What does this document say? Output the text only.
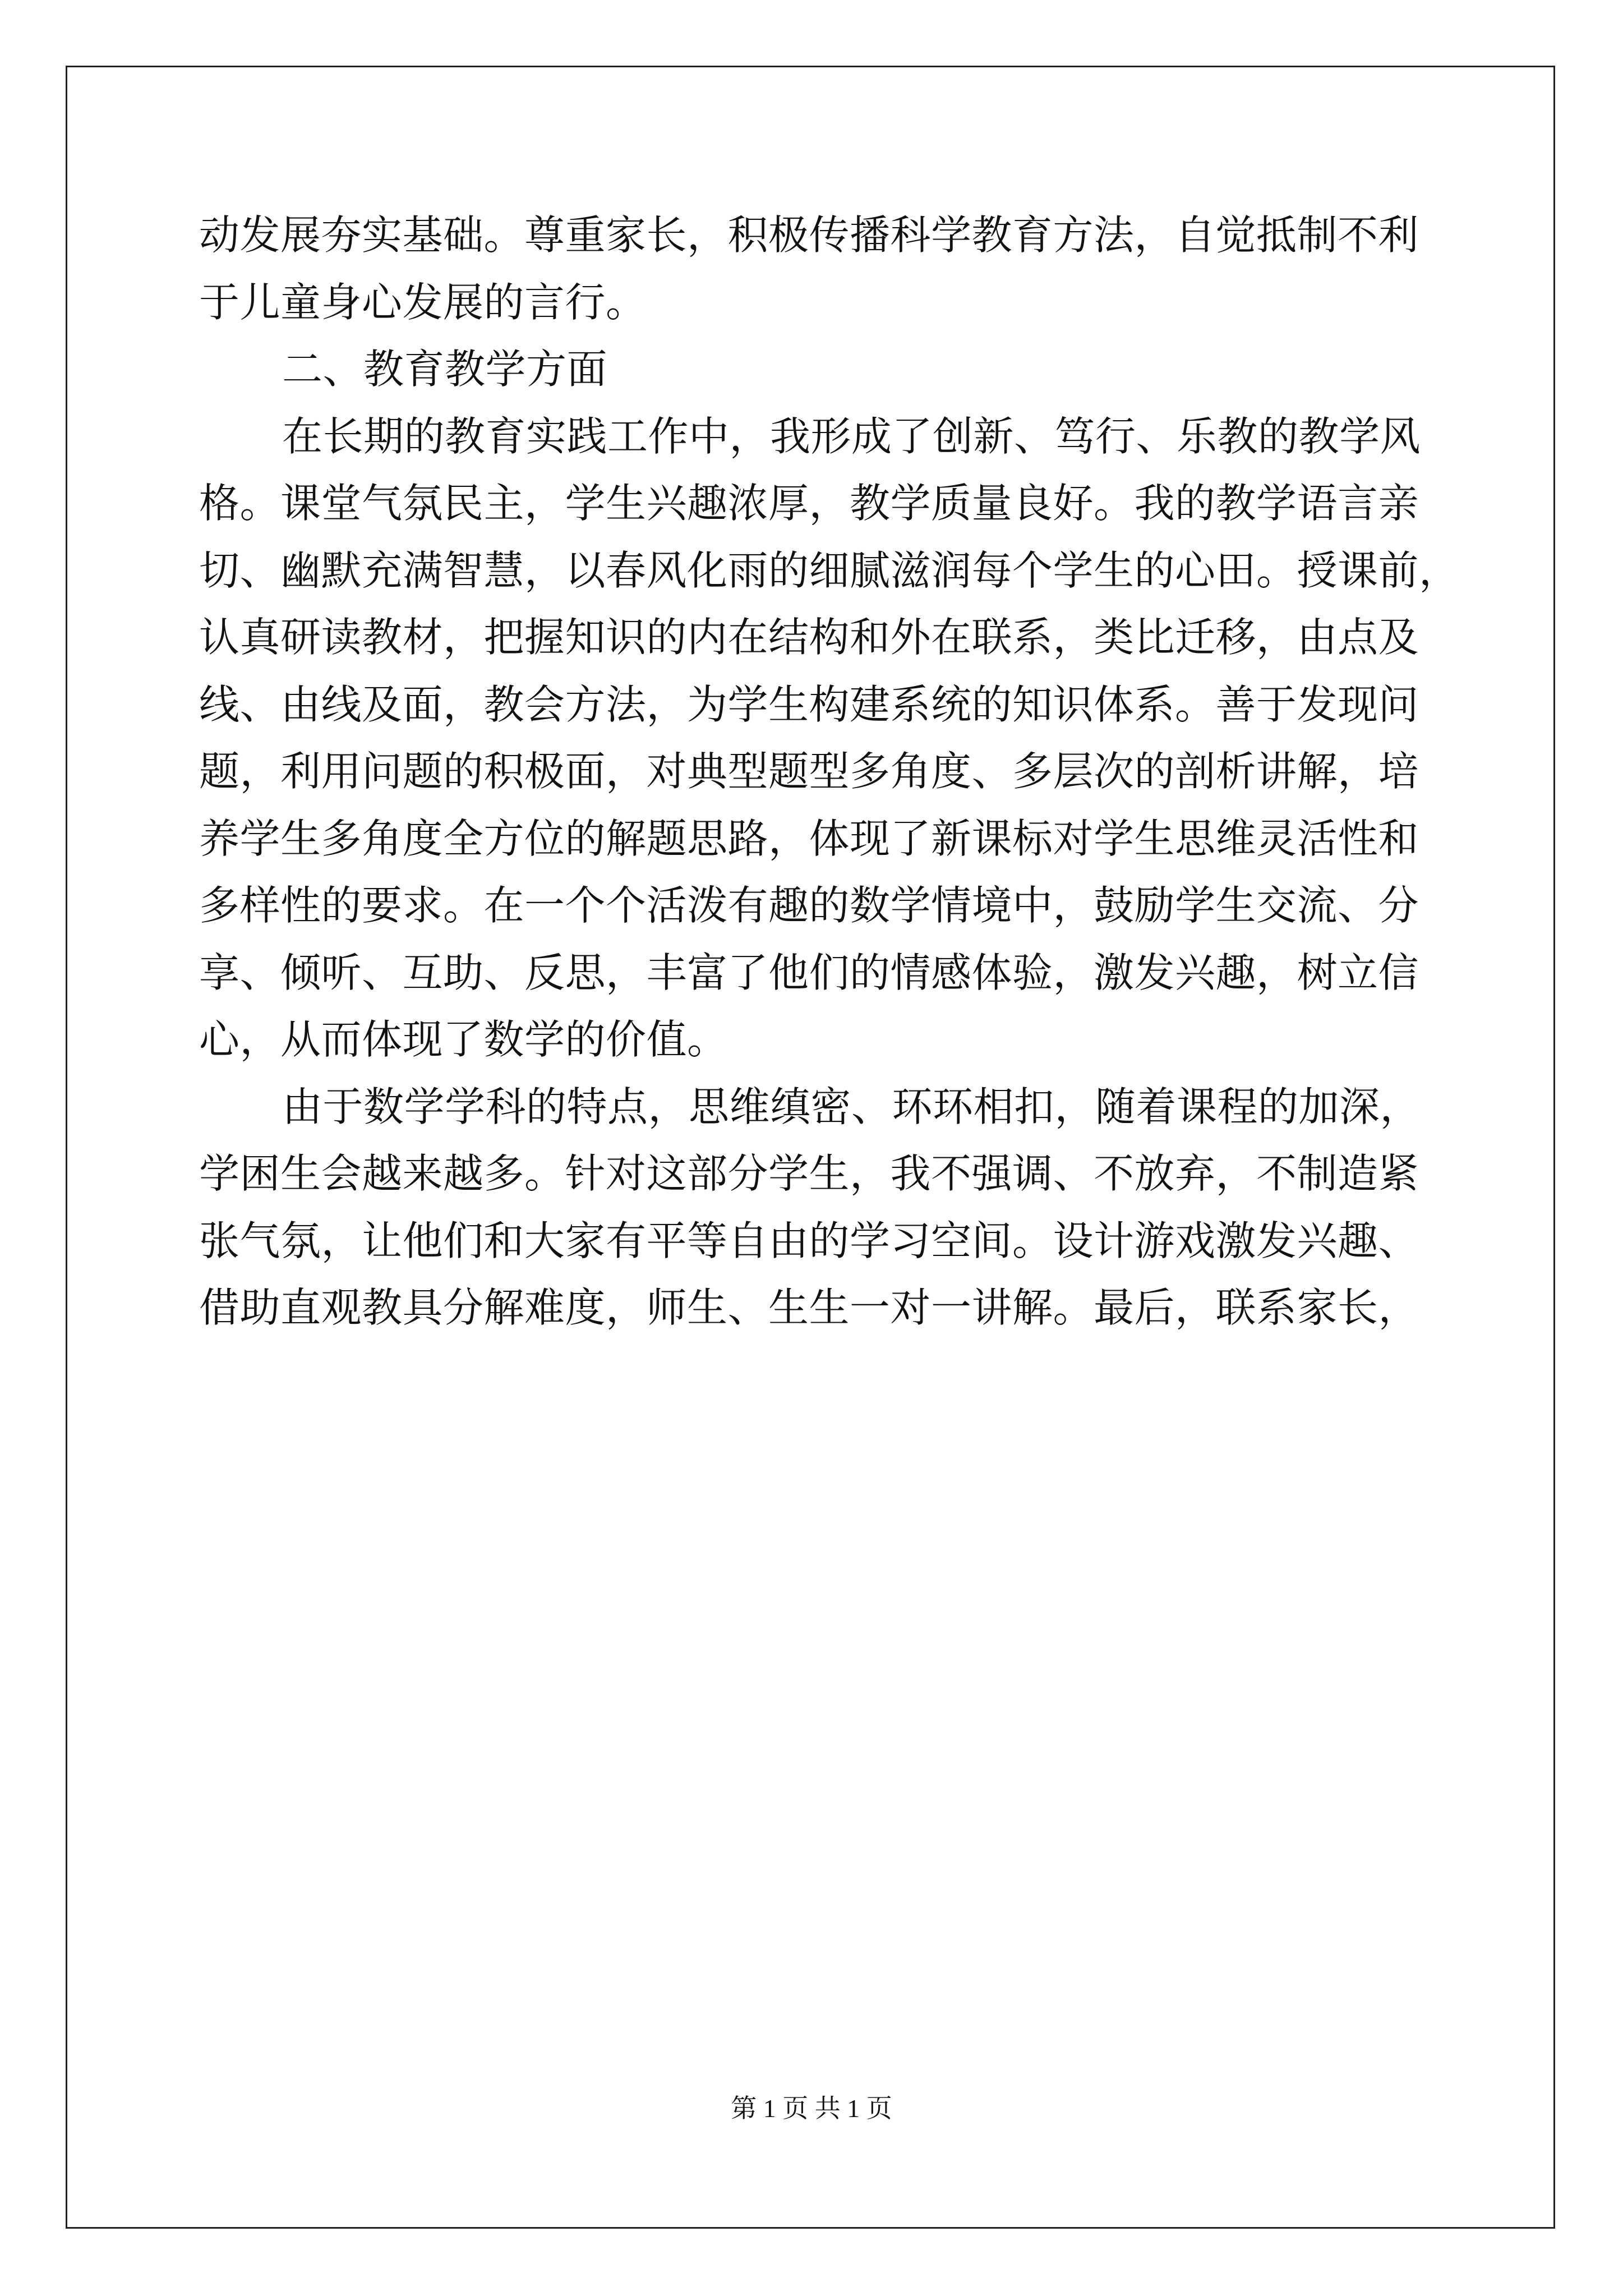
动发展夯实基础。尊重家长，积极传播科学教育方法，自觉抵制不利
于儿童身心发展的言行。
二、教育教学方面
在长期的教育实践工作中，我形成了创新、笃行、乐教的教学风
格。课堂气氛民主，学生兴趣浓厚，教学质量良好。我的教学语言亲
切、幽默充满智慧，以春风化雨的细腻滋润每个学生的心田。授课前，
认真研读教材，把握知识的内在结构和外在联系，类比迁移，由点及
线、由线及面，教会方法，为学生构建系统的知识体系。善于发现问
题，利用问题的积极面，对典型题型多角度、多层次的剖析讲解，培
养学生多角度全方位的解题思路，体现了新课标对学生思维灵活性和
多样性的要求。在一个个活泼有趣的数学情境中，鼓励学生交流、分
享、倾听、互助、反思，丰富了他们的情感体验，激发兴趣，树立信
心，从而体现了数学的价值。
由于数学学科的特点，思维缜密、环环相扣，随着课程的加深，
学困生会越来越多。针对这部分学生，我不强调、不放弃，不制造紧
张气氛，让他们和大家有平等自由的学习空间。设计游戏激发兴趣、
借助直观教具分解难度，师生、生生一对一讲解。最后，联系家长，
第 1 页 共 1 页
